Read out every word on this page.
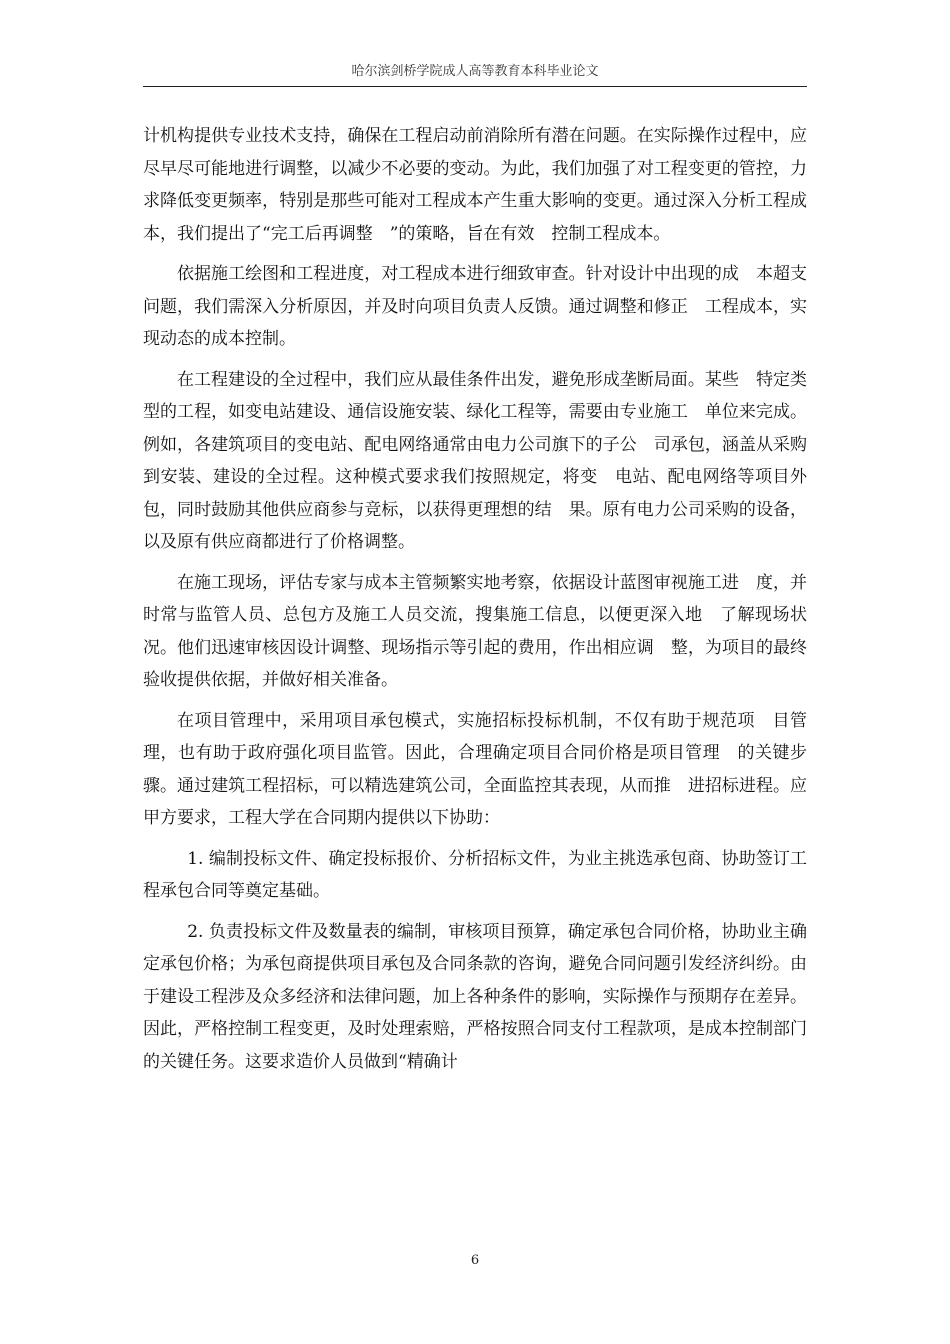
哈尔滨剑桥学院成人高等教育本科毕业论文

计机构提供专业技术支持，确保在工程启动前消除所有潜在问题。在实际操作过程中，应尽早尽可能地进行调整，以减少不必要的变动。为此，我们加强了对工程变更的管控，力求降低变更频率，特别是那些可能对工程成本产生重大影响的变更。通过深入分析工程成本，我们提出了“完工后再调整　”的策略，旨在有效　控制工程成本。

依据施工绘图和工程进度，对工程成本进行细致审查。针对设计中出现的成　本超支问题，我们需深入分析原因，并及时向项目负责人反馈。通过调整和修正　工程成本，实现动态的成本控制。

在工程建设的全过程中，我们应从最佳条件出发，避免形成垄断局面。某些　特定类型的工程，如变电站建设、通信设施安装、绿化工程等，需要由专业施工　单位来完成。例如，各建筑项目的变电站、配电网络通常由电力公司旗下的子公　司承包，涵盖从采购到安装、建设的全过程。这种模式要求我们按照规定，将变　电站、配电网络等项目外包，同时鼓励其他供应商参与竞标，以获得更理想的结　果。原有电力公司采购的设备，以及原有供应商都进行了价格调整。

在施工现场，评估专家与成本主管频繁实地考察，依据设计蓝图审视施工进　度，并时常与监管人员、总包方及施工人员交流，搜集施工信息，以便更深入地　了解现场状况。他们迅速审核因设计调整、现场指示等引起的费用，作出相应调　整，为项目的最终验收提供依据，并做好相关准备。

在项目管理中，采用项目承包模式，实施招标投标机制，不仅有助于规范项　目管理，也有助于政府强化项目监管。因此，合理确定项目合同价格是项目管理　的关键步骤。通过建筑工程招标，可以精选建筑公司，全面监控其表现，从而推　进招标进程。应甲方要求，工程大学在合同期内提供以下协助：

1. 编制投标文件、确定投标报价、分析招标文件，为业主挑选承包商、协助签订工程承包合同等奠定基础。

2. 负责投标文件及数量表的编制，审核项目预算，确定承包合同价格，协助业主确定承包价格；为承包商提供项目承包及合同条款的咨询，避免合同问题引发经济纠纷。由于建设工程涉及众多经济和法律问题，加上各种条件的影响，实际操作与预期存在差异。因此，严格控制工程变更，及时处理索赔，严格按照合同支付工程款项，是成本控制部门的关键任务。这要求造价人员做到“精确计

6
